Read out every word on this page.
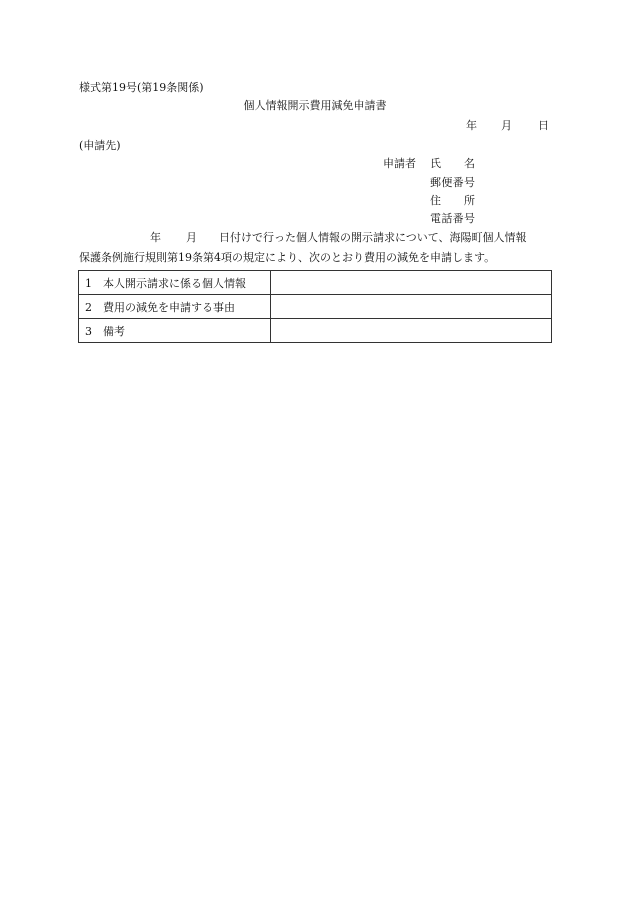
様式第19号(第19条関係)
個人情報開示費用減免申請書
年 月 日
(申請先)
申請者 氏名
郵便番号
住所
電話番号
年 月 日付けで行った個人情報の開示請求について、海陽町個人情報
保護条例施行規則第19条第4項の規定により、次のとおり費用の減免を申請します。
1 本人開示請求に係る個人情報	
2 費用の減免を申請する事由	
3 備考	
